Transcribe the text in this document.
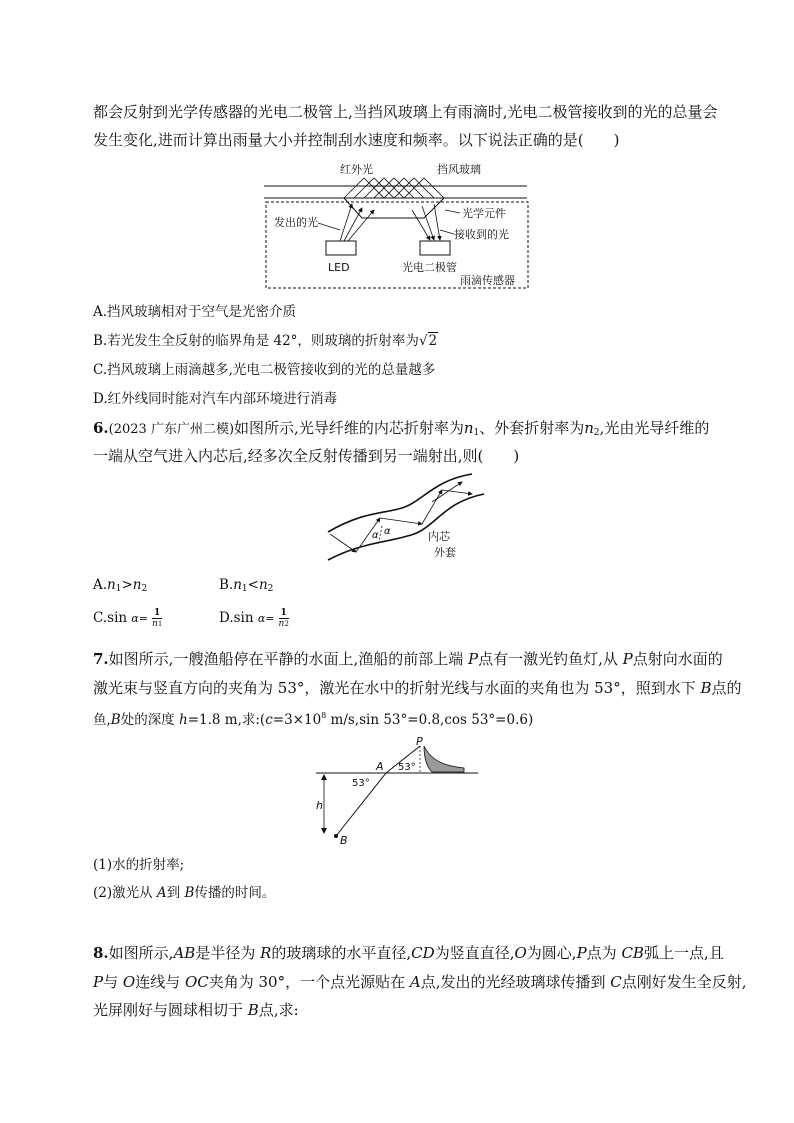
都会反射到光学传感器的光电二极管上,当挡风玻璃上有雨滴时,光电二极管接收到的光的总量会
发生变化,进而计算出雨量大小并控制刮水速度和频率。以下说法正确的是(　　)
红外光	挡风玻璃
光学元件
发出的光
接收到的光
LED	光电二极管
雨滴传感器
A.挡风玻璃相对于空气是光密介质
B.若光发生全反射的临界角是 42°，则玻璃的折射率为√2
C.挡风玻璃上雨滴越多,光电二极管接收到的光的总量越多
D.红外线同时能对汽车内部环境进行消毒
6.(2023 广东广州二模)如图所示,光导纤维的内芯折射率为$n_1$、外套折射率为$n_2$,光由光导纤维的
一端从空气进入内芯后,经多次全反射传播到另一端射出,则(　　)
α α	内芯
外套
$A.n_1>n_2$	$B.n_1<n_2$
C.sin $\alpha= \frac{1}{n1}$	D.sin $\alpha= \frac{1}{n2}$
7.如图所示,一艘渔船停在平静的水面上,渔船的前部上端 P点有一激光钓鱼灯,从 P点射向水面的
激光束与竖直方向的夹角为 53°，激光在水中的折射光线与水面的夹角也为 53°，照到水下 B点的
鱼,B处的深度 h=1.8 m,求$:(c=3\times 10^8$ m/s,sin 53°=0.8,cos 53°=0.6)
P
A
B
h
53°
53°
(1)水的折射率;
(2)激光从 A到 B传播的时间。
8.如图所示,AB是半径为 R的玻璃球的水平直径,CD为竖直直径,O为圆心,P点为 CB弧上一点,且
P与 O连线与 OC夹角为 30°，一个点光源贴在 A点,发出的光经玻璃球传播到 C点刚好发生全反射,
光屏刚好与圆球相切于 B点,求:
